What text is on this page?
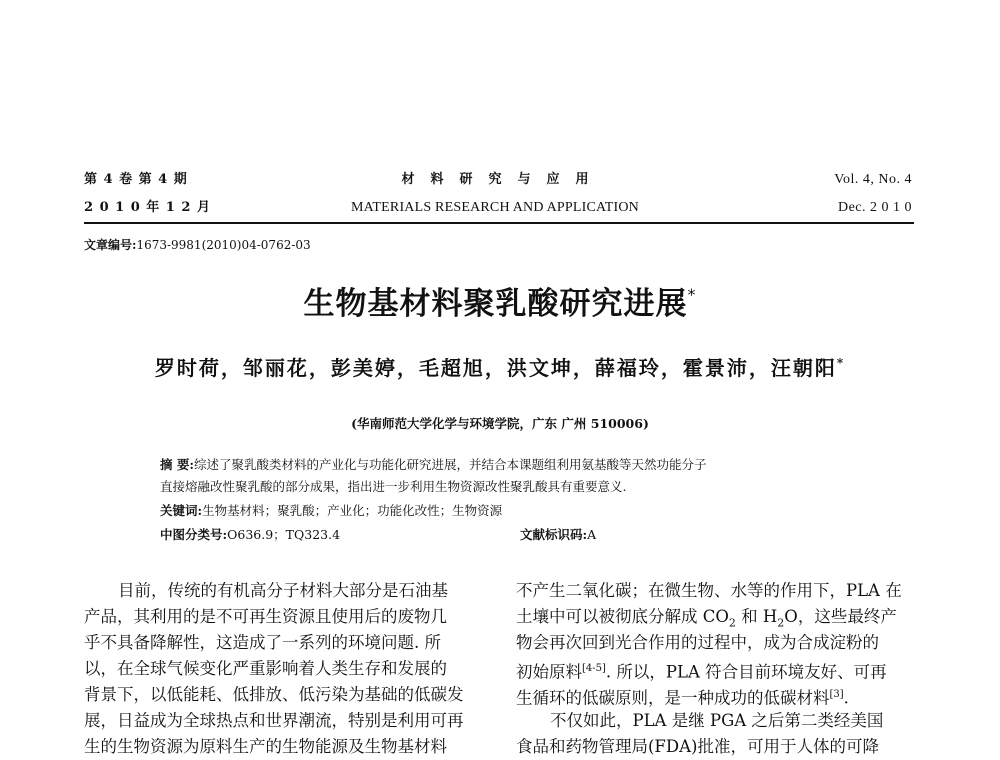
第 4 卷 第 4 期
2 0 1 0 年 1 2 月
材料研究与应用
MATERIALS RESEARCH AND APPLICATION
Vol. 4, No. 4
Dec. 2 0 1 0
文章编号:1673-9981(2010)04-0762-03
生物基材料聚乳酸研究进展*
罗时荷，邹丽花，彭美婷，毛超旭，洪文坤，薛福玲，霍景沛，汪朝阳*
(华南师范大学化学与环境学院，广东 广州 510006)
摘 要:综述了聚乳酸类材料的产业化与功能化研究进展，并结合本课题组利用氨基酸等天然功能分子
直接熔融改性聚乳酸的部分成果，指出进一步利用生物资源改性聚乳酸具有重要意义.
关键词:生物基材料；聚乳酸；产业化；功能化改性；生物资源
中图分类号:O636.9；TQ323.4	文献标识码:A
目前，传统的有机高分子材料大部分是石油基
产品，其利用的是不可再生资源且使用后的废物几
乎不具备降解性，这造成了一系列的环境问题. 所
以，在全球气候变化严重影响着人类生存和发展的
背景下，以低能耗、低排放、低污染为基础的低碳发
展，日益成为全球热点和世界潮流，特别是利用可再
生的生物资源为原料生产的生物能源及生物基材料
不产生二氧化碳；在微生物、水等的作用下，PLA 在
土壤中可以被彻底分解成 $CO_2$ 和 $H_2O$，这些最终产
物会再次回到光合作用的过程中，成为合成淀粉的
初始原料[4-5]. 所以，PLA 符合目前环境友好、可再
生循环的低碳原则，是一种成功的低碳材料[3].
不仅如此，PLA 是继 PGA 之后第二类经美国
食品和药物管理局(FDA)批准，可用于人体的可降
